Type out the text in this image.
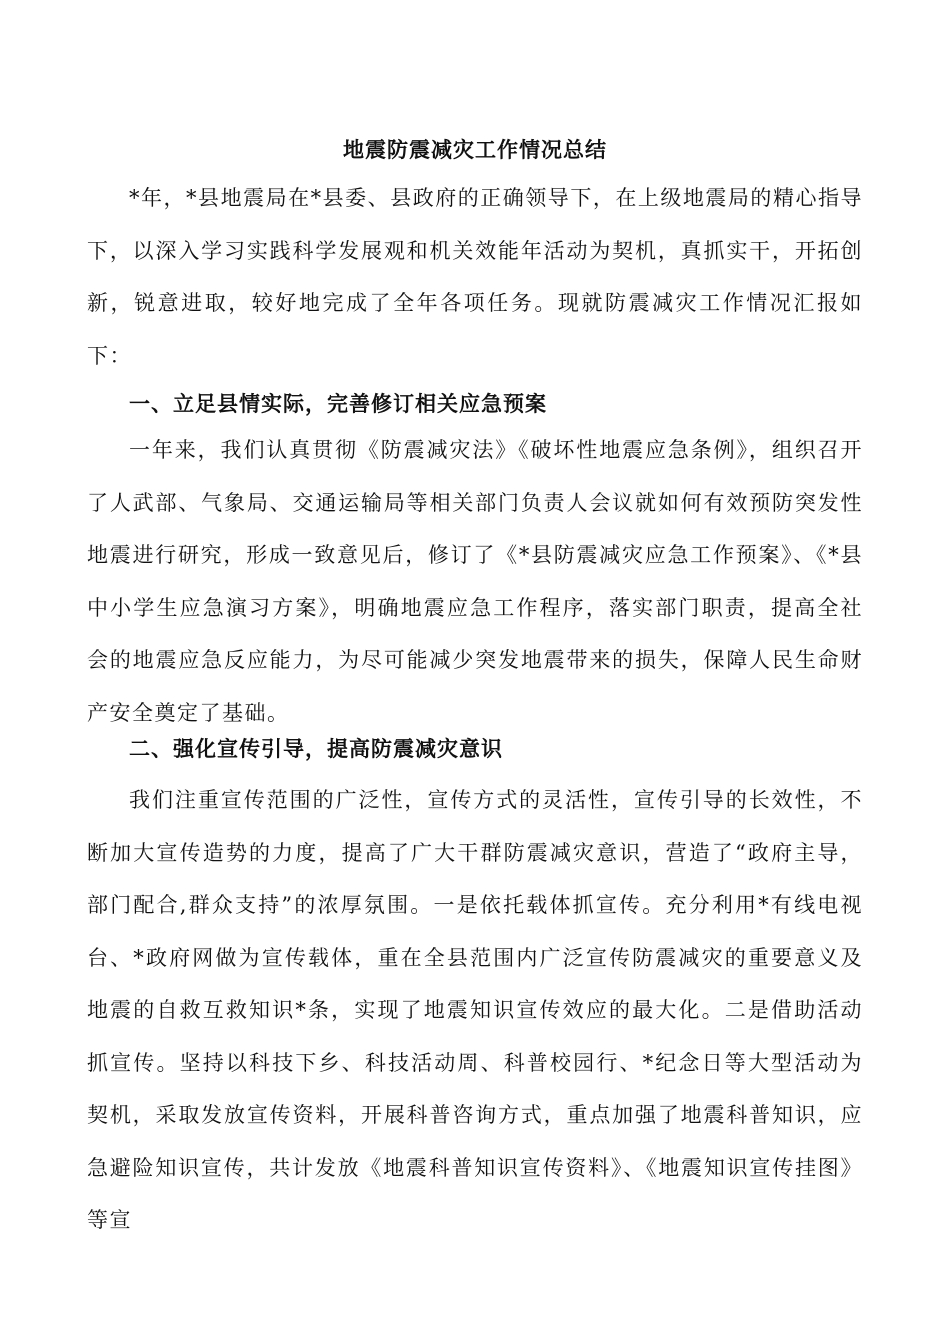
地震防震减灾工作情况总结

*年，*县地震局在*县委、县政府的正确领导下，在上级地震局的精心指导下，以深入学习实践科学发展观和机关效能年活动为契机，真抓实干，开拓创新，锐意进取，较好地完成了全年各项任务。现就防震减灾工作情况汇报如下：

一、立足县情实际，完善修订相关应急预案

一年来，我们认真贯彻《防震减灾法》《破坏性地震应急条例》，组织召开了人武部、气象局、交通运输局等相关部门负责人会议就如何有效预防突发性地震进行研究，形成一致意见后，修订了《*县防震减灾应急工作预案》、《*县中小学生应急演习方案》，明确地震应急工作程序，落实部门职责，提高全社会的地震应急反应能力，为尽可能减少突发地震带来的损失，保障人民生命财产安全奠定了基础。

二、强化宣传引导，提高防震减灾意识

我们注重宣传范围的广泛性，宣传方式的灵活性，宣传引导的长效性，不断加大宣传造势的力度，提高了广大干群防震减灾意识，营造了“政府主导，部门配合,群众支持”的浓厚氛围。一是依托载体抓宣传。充分利用*有线电视台、*政府网做为宣传载体，重在全县范围内广泛宣传防震减灾的重要意义及地震的自救互救知识*条，实现了地震知识宣传效应的最大化。二是借助活动抓宣传。坚持以科技下乡、科技活动周、科普校园行、*纪念日等大型活动为契机，采取发放宣传资料，开展科普咨询方式，重点加强了地震科普知识，应急避险知识宣传，共计发放《地震科普知识宣传资料》、《地震知识宣传挂图》等宣
